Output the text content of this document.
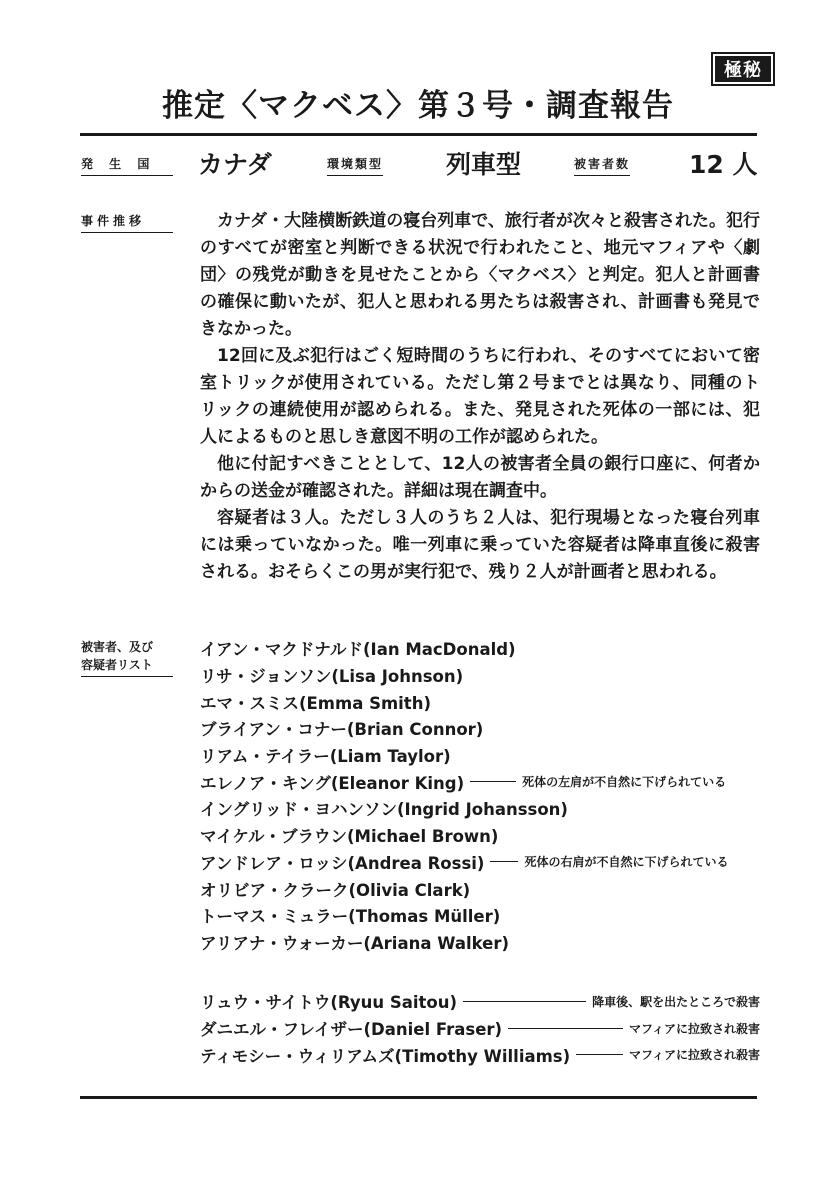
極秘
推定〈マクベス〉第３号・調査報告
発 生 国	カナダ	環境類型	列車型	被害者数 12 人
事件推移	カナダ・大陸横断鉄道の寝台列車で、旅行者が次々と殺害された。犯行のすべてが密室と判断できる状況で行われたこと、地元マフィアや〈劇団〉の残党が動きを見せたことから〈マクベス〉と判定。犯人と計画書の確保に動いたが、犯人と思われる男たちは殺害され、計画書も発見できなかった。

12回に及ぶ犯行はごく短時間のうちに行われ、そのすべてにおいて密室トリックが使用されている。ただし第２号までとは異なり、同種のトリックの連続使用が認められる。また、発見された死体の一部には、犯人によるものと思しき意図不明の工作が認められた。

他に付記すべきこととして、12人の被害者全員の銀行口座に、何者かからの送金が確認された。詳細は現在調査中。

容疑者は３人。ただし３人のうち２人は、犯行現場となった寝台列車には乗っていなかった。唯一列車に乗っていた容疑者は降車直後に殺害される。おそらくこの男が実行犯で、残り２人が計画者と思われる。

被害者、及び
容疑者リスト
イアン・マクドナルド(Ian MacDonald)
リサ・ジョンソン(Lisa Johnson)
エマ・スミス(Emma Smith)
ブライアン・コナー(Brian Connor)
リアム・テイラー(Liam Taylor)
エレノア・キング(Eleanor King)	死体の左肩が不自然に下げられている
イングリッド・ヨハンソン(Ingrid Johansson)
マイケル・ブラウン(Michael Brown)
アンドレア・ロッシ(Andrea Rossi)	死体の右肩が不自然に下げられている
オリビア・クラーク(Olivia Clark)
トーマス・ミュラー(Thomas Müller)
アリアナ・ウォーカー(Ariana Walker)
リュウ・サイトウ(Ryuu Saitou)	降車後、駅を出たところで殺害
ダニエル・フレイザー(Daniel Fraser)	マフィアに拉致され殺害
ティモシー・ウィリアムズ(Timothy Williams)	マフィアに拉致され殺害
